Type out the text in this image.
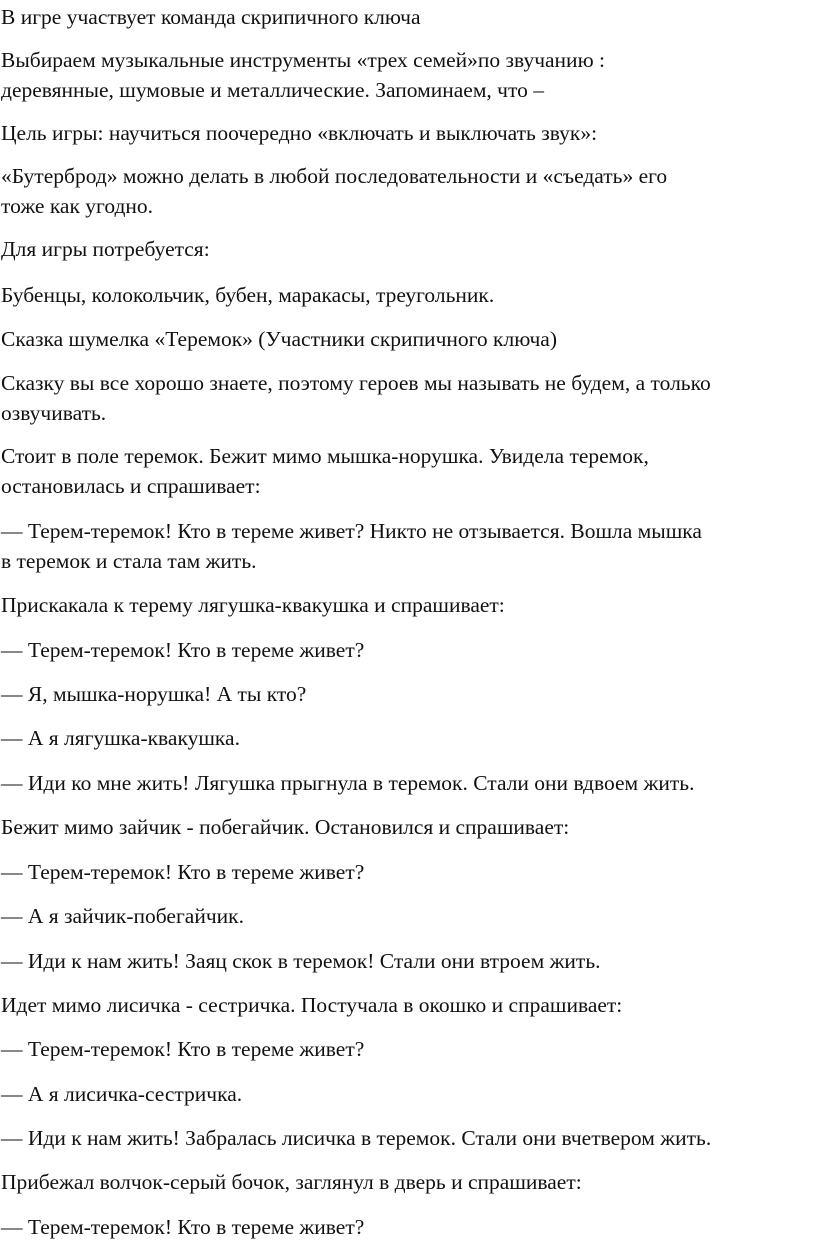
В игре участвует команда скрипичного ключа

Выбираем музыкальные инструменты «трех семей»по звучанию :
деревянные, шумовые и металлические. Запоминаем, что –

Цель игры: научиться поочередно «включать и выключать звук»:

«Бутерброд» можно делать в любой последовательности и «съедать» его
тоже как угодно.

Для игры потребуется:

Бубенцы, колокольчик, бубен, маракасы, треугольник.

Сказка шумелка «Теремок» (Участники скрипичного ключа)

Сказку вы все хорошо знаете, поэтому героев мы называть не будем, а только
озвучивать.

Стоит в поле теремок. Бежит мимо мышка-норушка. Увидела теремок,
остановилась и спрашивает:

— Терем-теремок! Кто в тереме живет? Никто не отзывается. Вошла мышка
в теремок и стала там жить.

Прискакала к терему лягушка-квакушка и спрашивает:

— Терем-теремок! Кто в тереме живет?

— Я, мышка-норушка! А ты кто?

— А я лягушка-квакушка.

— Иди ко мне жить! Лягушка прыгнула в теремок. Стали они вдвоем жить.

Бежит мимо зайчик - побегайчик. Остановился и спрашивает:

— Терем-теремок! Кто в тереме живет?

— А я зайчик-побегайчик.

— Иди к нам жить! Заяц скок в теремок! Стали они втроем жить.

Идет мимо лисичка - сестричка. Постучала в окошко и спрашивает:

— Терем-теремок! Кто в тереме живет?

— А я лисичка-сестричка.

— Иди к нам жить! Забралась лисичка в теремок. Стали они вчетвером жить.

Прибежал волчок-серый бочок, заглянул в дверь и спрашивает:

— Терем-теремок! Кто в тереме живет?
